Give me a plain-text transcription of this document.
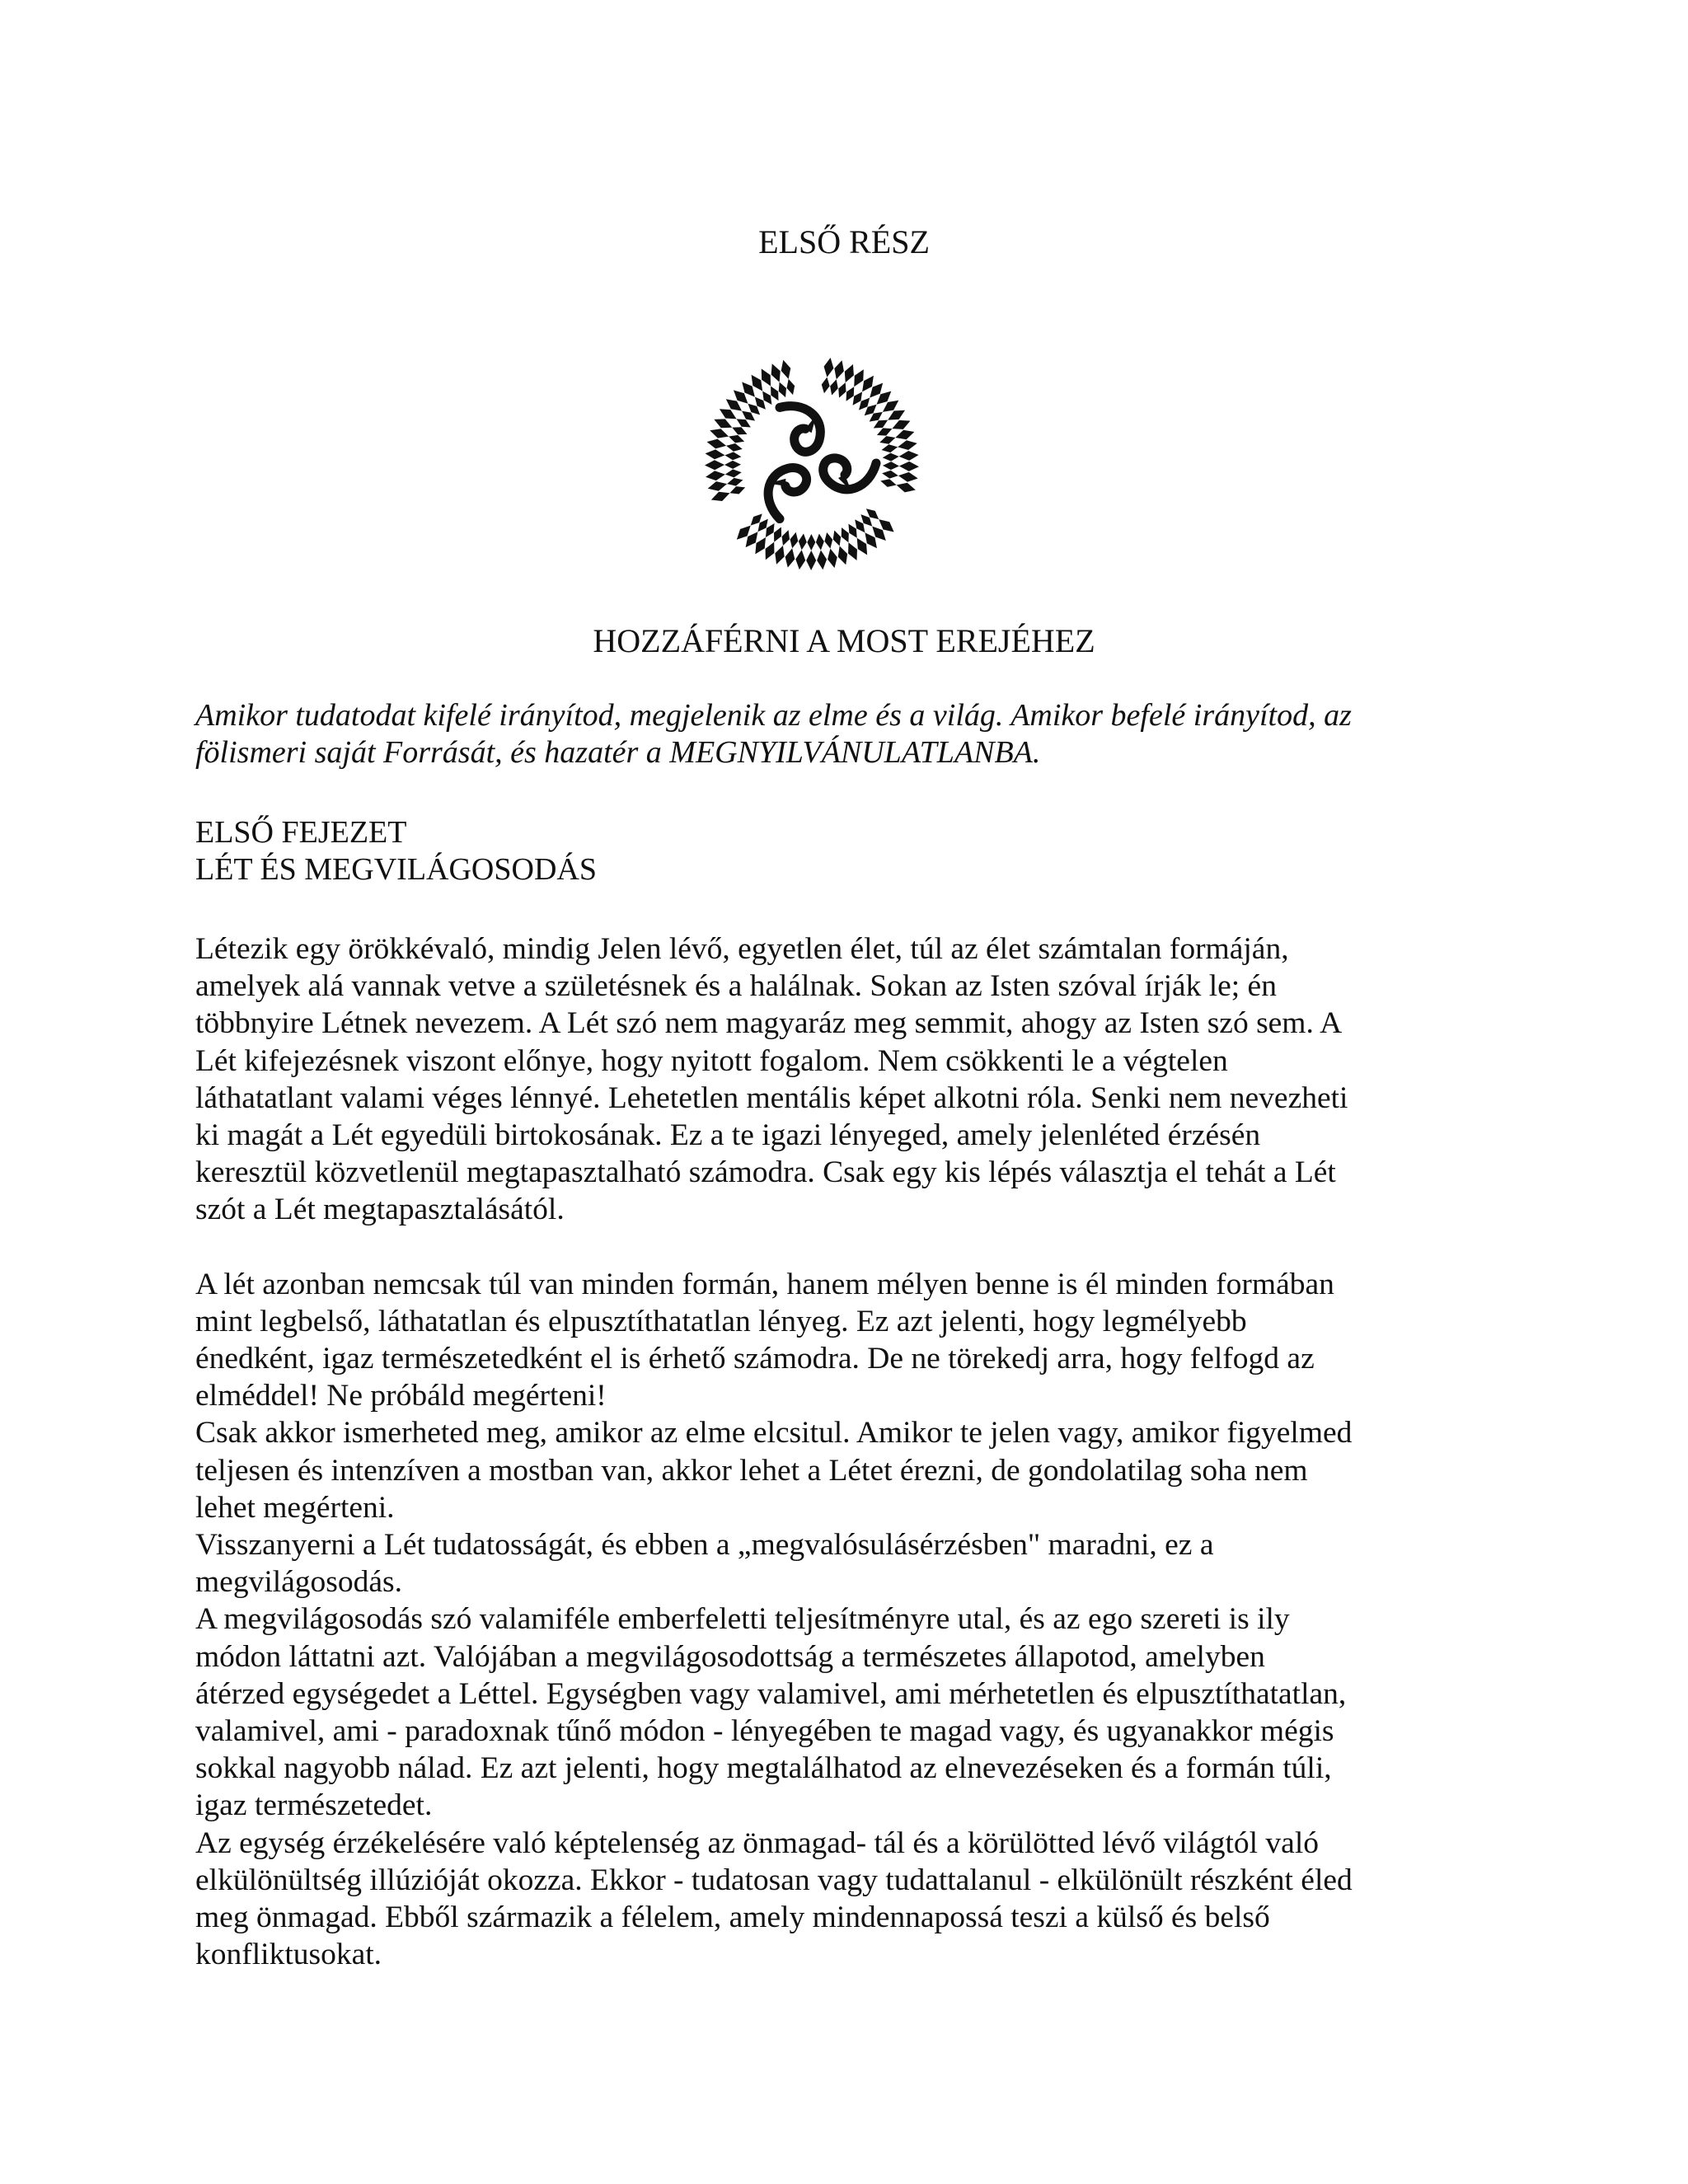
ELSŐ RÉSZ
HOZZÁFÉRNI A MOST EREJÉHEZ
Amikor tudatodat kifelé irányítod, megjelenik az elme és a világ. Amikor befelé irányítod, az
fölismeri saját Forrását, és hazatér a MEGNYILVÁNULATLANBA.
ELSŐ FEJEZET
LÉT ÉS MEGVILÁGOSODÁS

Létezik egy örökkévaló, mindig Jelen lévő, egyetlen élet, túl az élet számtalan formáján,
amelyek alá vannak vetve a születésnek és a halálnak. Sokan az Isten szóval írják le; én
többnyire Létnek nevezem. A Lét szó nem magyaráz meg semmit, ahogy az Isten szó sem. A
Lét kifejezésnek viszont előnye, hogy nyitott fogalom. Nem csökkenti le a végtelen
láthatatlant valami véges lénnyé. Lehetetlen mentális képet alkotni róla. Senki nem nevezheti
ki magát a Lét egyedüli birtokosának. Ez a te igazi lényeged, amely jelenléted érzésén
keresztül közvetlenül megtapasztalható számodra. Csak egy kis lépés választja el tehát a Lét
szót a Lét megtapasztalásától.

A lét azonban nemcsak túl van minden formán, hanem mélyen benne is él minden formában
mint legbelső, láthatatlan és elpusztíthatatlan lényeg. Ez azt jelenti, hogy legmélyebb
énedként, igaz természetedként el is érhető számodra. De ne törekedj arra, hogy felfogd az
elméddel! Ne próbáld megérteni!

Csak akkor ismerheted meg, amikor az elme elcsitul. Amikor te jelen vagy, amikor figyelmed
teljesen és intenzíven a mostban van, akkor lehet a Létet érezni, de gondolatilag soha nem
lehet megérteni.

Visszanyerni a Lét tudatosságát, és ebben a „megvalósulásérzésben" maradni, ez a
megvilágosodás.

A megvilágosodás szó valamiféle emberfeletti teljesítményre utal, és az ego szereti is ily
módon láttatni azt. Valójában a megvilágosodottság a természetes állapotod, amelyben
átérzed egységedet a Léttel. Egységben vagy valamivel, ami mérhetetlen és elpusztíthatatlan,
valamivel, ami - paradoxnak tűnő módon - lényegében te magad vagy, és ugyanakkor mégis
sokkal nagyobb nálad. Ez azt jelenti, hogy megtalálhatod az elnevezéseken és a formán túli,
igaz természetedet.

Az egység érzékelésére való képtelenség az önmagad- tál és a körülötted lévő világtól való
elkülönültség illúzióját okozza. Ekkor - tudatosan vagy tudattalanul - elkülönült részként éled
meg önmagad. Ebből származik a félelem, amely mindennapossá teszi a külső és belső
konfliktusokat.
